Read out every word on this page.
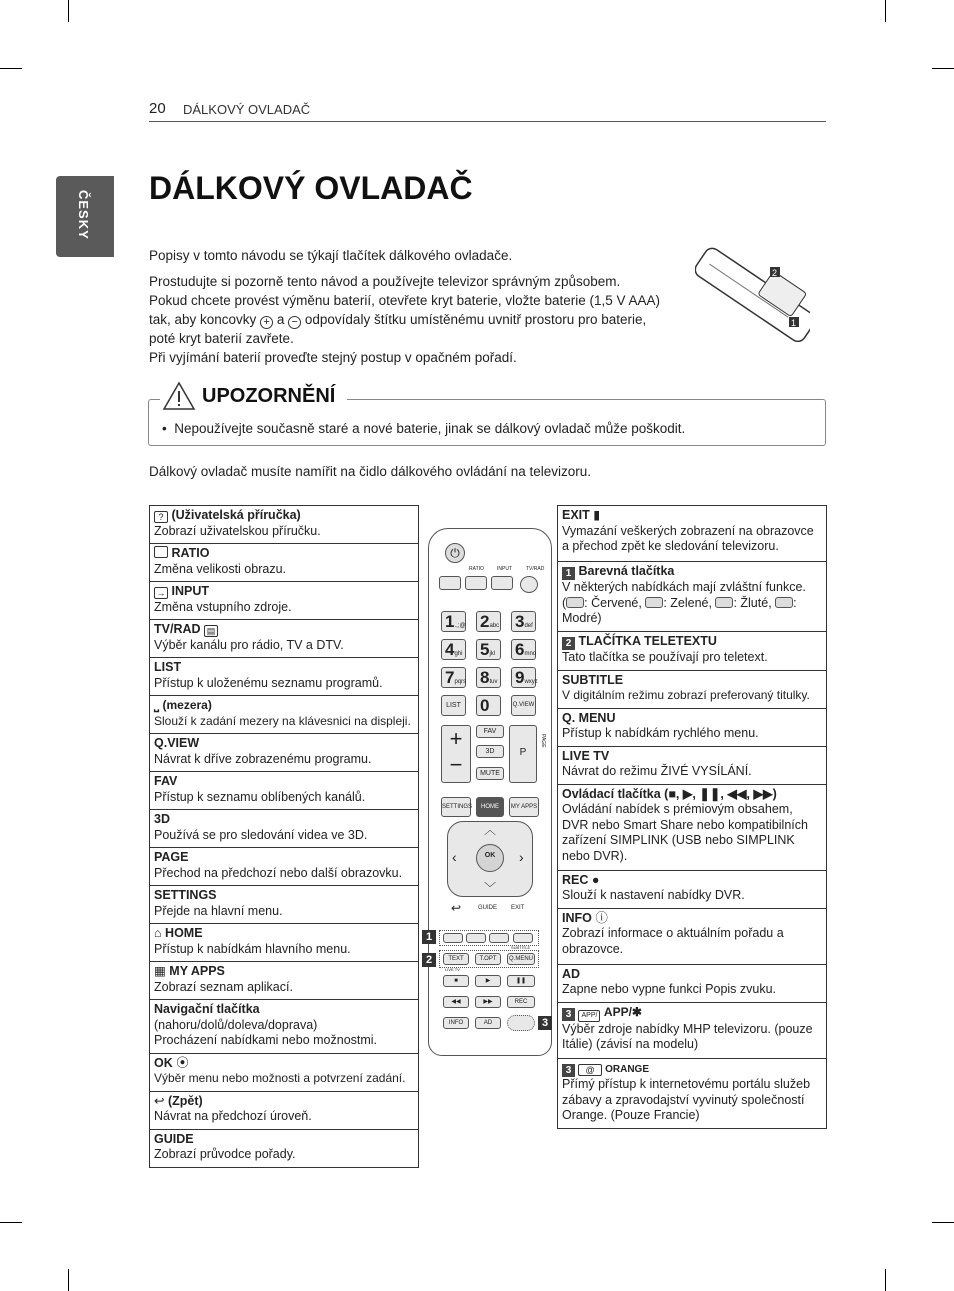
20 DÁLKOVÝ OVLADAČ
ČESKY
DÁLKOVÝ OVLADAČ
Popisy v tomto návodu se týkají tlačítek dálkového ovladače.
Prostudujte si pozorně tento návod a používejte televizor správným způsobem.
Pokud chcete provést výměnu baterií, otevřete kryt baterie, vložte baterie (1,5 V AAA)
tak, aby koncovky + a − odpovídaly štítku umístěnému uvnitř prostoru pro baterie,
poté kryt baterií zavřete.
Při vyjímání baterií proveďte stejný postup v opačném pořadí.
2
1
UPOZORNĚNÍ
• Nepoužívejte současně staré a nové baterie, jinak se dálkový ovladač může poškodit.
Dálkový ovladač musíte namířit na čidlo dálkového ovládání na televizoru.
? (Uživatelská příručka)
Zobrazí uživatelskou příručku.
RATIO
Změna velikosti obrazu.
→ INPUT
Změna vstupního zdroje.
TV/RAD ▤
Výběr kanálu pro rádio, TV a DTV.
LIST
Přístup k uloženému seznamu programů.
⎵ (mezera)
Slouží k zadání mezery na klávesnici na displeji.
Q.VIEW
Návrat k dříve zobrazenému programu.
FAV
Přístup k seznamu oblíbených kanálů.
3D
Používá se pro sledování videa ve 3D.
PAGE
Přechod na předchozí nebo další obrazovku.
SETTINGS
Přejde na hlavní menu.
⌂ HOME
Přístup k nabídkám hlavního menu.
▦ MY APPS
Zobrazí seznam aplikací.
Navigační tlačítka
(nahoru/dolů/doleva/doprava)
Procházení nabídkami nebo možnostmi.
OK ⦿
Výběr menu nebo možnosti a potvrzení zadání.
↩ (Zpět)
Návrat na předchozí úroveň.
GUIDE
Zobrazí průvodce pořady.
EXIT ▮
Vymazání veškerých zobrazení na obrazovce a přechod zpět ke sledování televizoru.
1 Barevná tlačítka
V některých nabídkách mají zvláštní funkce.
( : Červené, : Zelené, : Žluté, :
Modré)
2 TLAČÍTKA TELETEXTU
Tato tlačítka se používají pro teletext.
SUBTITLE
V digitálním režimu zobrazí preferovaný titulky.
Q. MENU
Přístup k nabídkám rychlého menu.
LIVE TV
Návrat do režimu ŽIVÉ VYSÍLÁNÍ.
Ovládací tlačítka (■, ▶, ❚❚, ◀◀, ▶▶)
Ovládání nabídek s prémiovým obsahem, DVR nebo Smart Share nebo kompatibilních zařízení SIMPLINK (USB nebo SIMPLINK nebo DVR).
REC ●
Slouží k nastavení nabídky DVR.
INFO ⓘ
Zobrazí informace o aktuálním pořadu a obrazovce.
AD
Zapne nebo vypne funkci Popis zvuku.
3 APP/ APP/✱
Výběr zdroje nabídky MHP televizoru. (pouze Itálie) (závisí na modelu)
3 @ ORANGE
Přímý přístup k internetovému portálu služeb zábavy a zpravodajství vyvinutý společností Orange. (Pouze Francie)
⏻
RATIO	INPUT	TV/RAD
1.,;@ 2abc 3def
4ghi 5jkl	6mno
7pqrs 8tuv 9wxyz
LIST	0	Q.VIEW
+
−
FAV
3D
MUTE
P
PAGE
SETTINGS	HOME	MY APPS
︿
﹀
‹	›
OK
↩	GUIDE EXIT
TEXT	T.OPT	Q.MENU
SUBTITLE
LIVE TV
■	▶	❚❚
◀◀	▶▶	REC
INFO	AD
1
2
3
